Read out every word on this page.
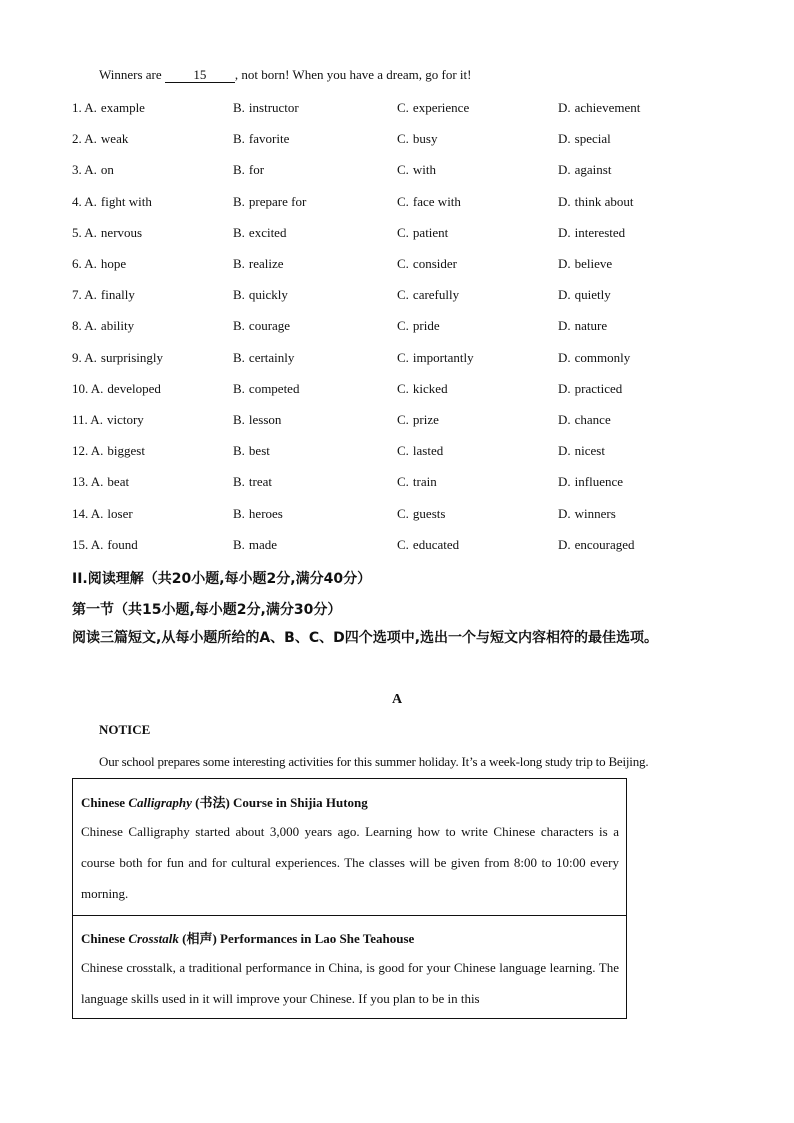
Winners are 15 , not born! When you have a dream, go for it!
1. A. example	B. instructor	C. experience	D. achievement
2. A. weak	B. favorite	C. busy	D. special
3. A. on	B. for	C. with	D. against
4. A. fight with	B. prepare for	C. face with	D. think about
5. A. nervous	B. excited	C. patient	D. interested
6. A. hope	B. realize	C. consider	D. believe
7. A. finally	B. quickly	C. carefully	D. quietly
8. A. ability	B. courage	C. pride	D. nature
9. A. surprisingly	B. certainly	C. importantly	D. commonly
10. A. developed	B. competed	C. kicked	D. practiced
11. A. victory	B. lesson	C. prize	D. chance
12. A. biggest	B. best	C. lasted	D. nicest
13. A. beat	B. treat	C. train	D. influence
14. A. loser	B. heroes	C. guests	D. winners
15. A. found	B. made	C. educated	D. encouraged
II.阅读理解（共20小题,每小题2分,满分40分）
第一节（共15小题,每小题2分,满分30分）
阅读三篇短文,从每小题所给的A、B、C、D四个选项中,选出一个与短文内容相符的最佳选项。
A
NOTICE
Our school prepares some interesting activities for this summer holiday. It’s a week-long study trip to Beijing.
Chinese Calligraphy (书法) Course in Shijia Hutong
Chinese Calligraphy started about 3,000 years ago. Learning how to write Chinese characters is a course both for fun and for cultural experiences. The classes will be given from 8:00 to 10:00 every morning.
Chinese Crosstalk (相声) Performances in Lao She Teahouse
Chinese crosstalk, a traditional performance in China, is good for your Chinese language learning. The language skills used in it will improve your Chinese. If you plan to be in this
